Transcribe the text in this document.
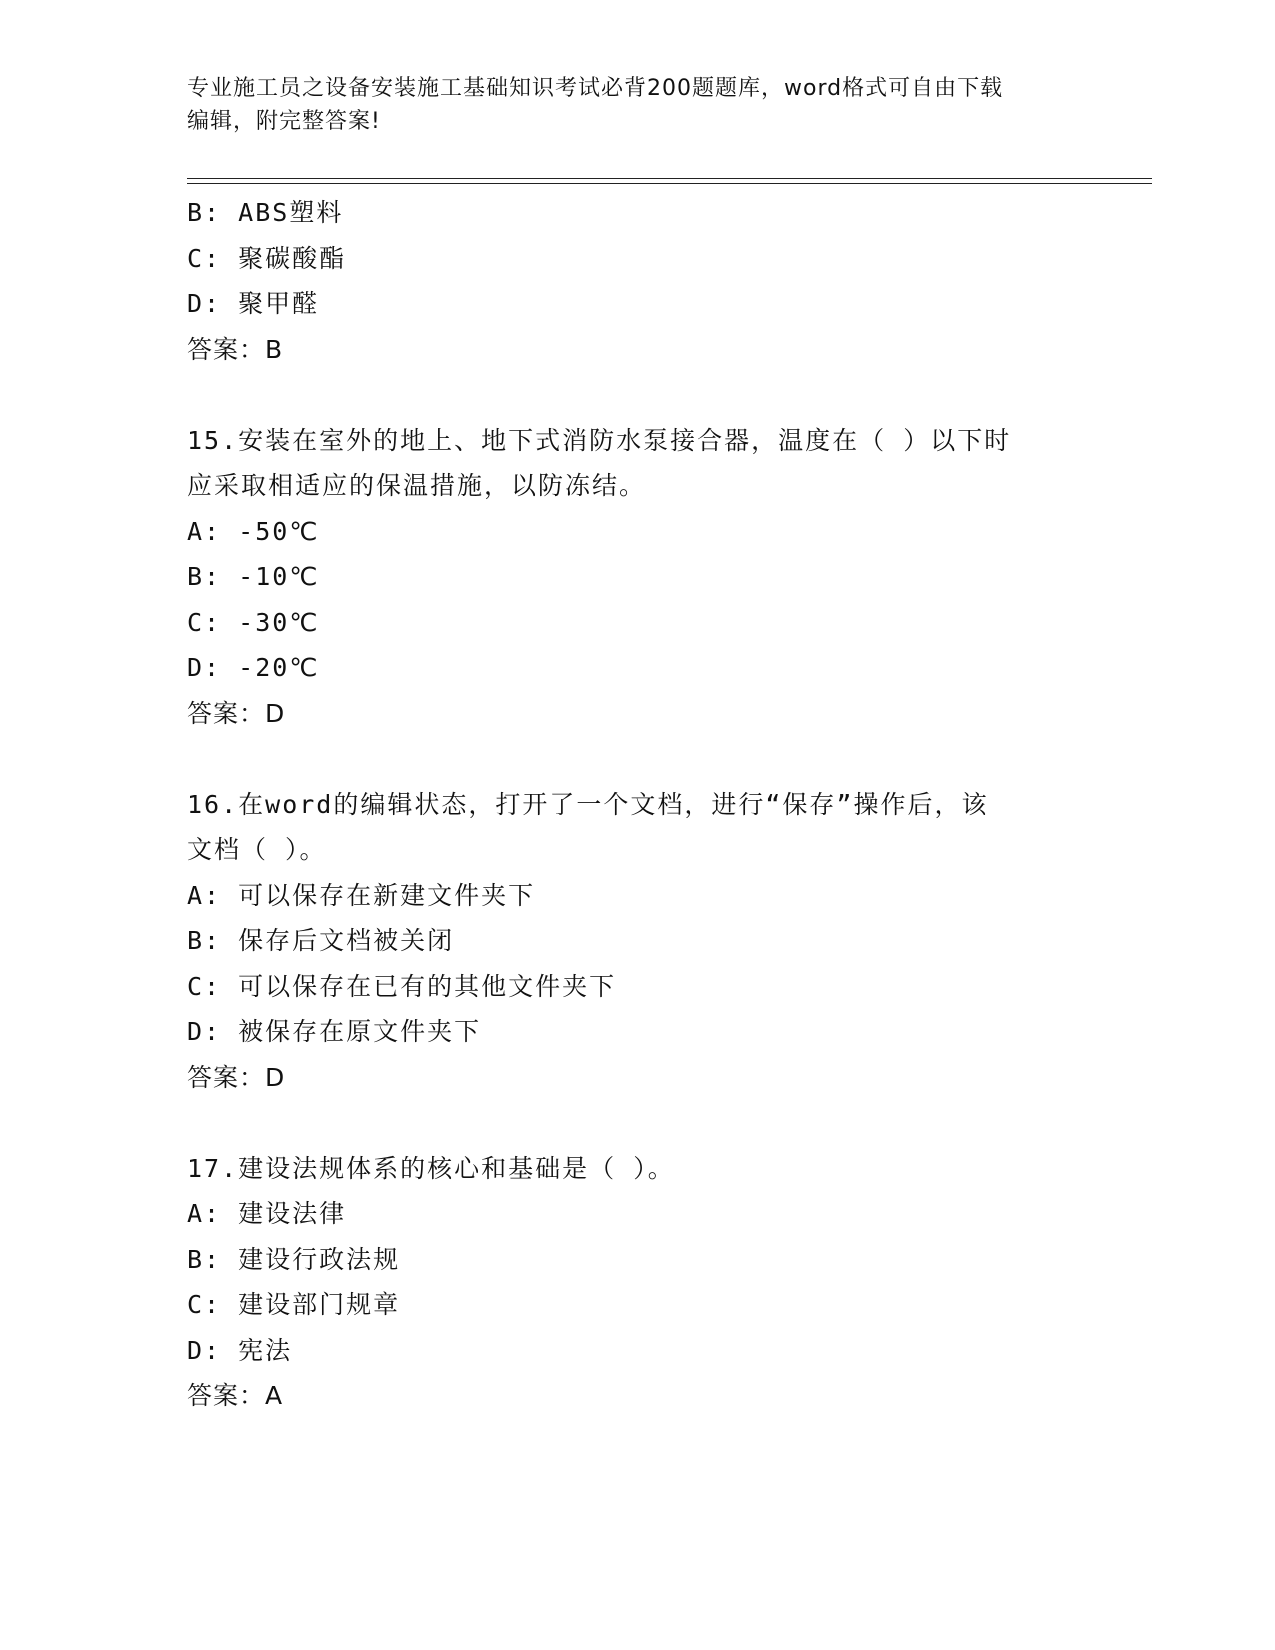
专业施工员之设备安装施工基础知识考试必背200题题库，word格式可自由下载
编辑，附完整答案!
B: ABS塑料
C: 聚碳酸酯
D: 聚甲醛
答案：B
15.安装在室外的地上、地下式消防水泵接合器，温度在（ ）以下时
应采取相适应的保温措施，以防冻结。
A: -50℃
B: -10℃
C: -30℃
D: -20℃
答案：D
16.在word的编辑状态，打开了一个文档，进行“保存”操作后，该
文档（ ）。
A: 可以保存在新建文件夹下
B: 保存后文档被关闭
C: 可以保存在已有的其他文件夹下
D: 被保存在原文件夹下
答案：D
17.建设法规体系的核心和基础是（ ）。
A: 建设法律
B: 建设行政法规
C: 建设部门规章
D: 宪法
答案：A
